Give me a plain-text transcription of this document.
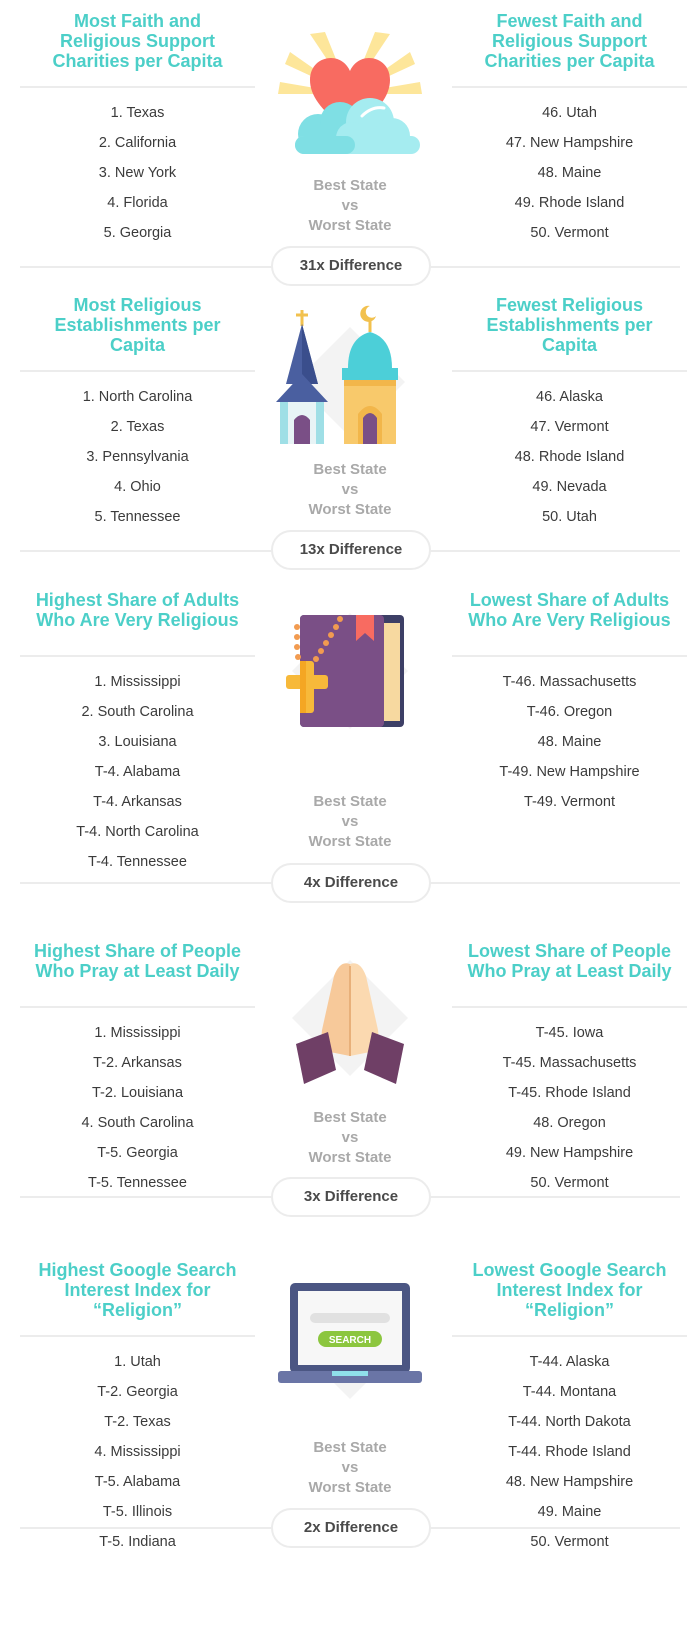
Most Faith and Religious Support Charities per Capita
1. Texas
2. California
3. New York
4. Florida
5. Georgia
Fewest Faith and Religious Support Charities per Capita
46. Utah
47. New Hampshire
48. Maine
49. Rhode Island
50. Vermont
Best State
vs
Worst State
31x Difference
Most Religious Establishments per Capita
1. North Carolina
2. Texas
3. Pennsylvania
4. Ohio
5. Tennessee
Fewest Religious Establishments per Capita
46. Alaska
47. Vermont
48. Rhode Island
49. Nevada
50. Utah
Best State
vs
Worst State
13x Difference
Highest Share of Adults Who Are Very Religious
1. Mississippi
2. South Carolina
3. Louisiana
T-4. Alabama
T-4. Arkansas
T-4. North Carolina
T-4. Tennessee
Lowest Share of Adults Who Are Very Religious
T-46. Massachusetts
T-46. Oregon
48. Maine
T-49. New Hampshire
T-49. Vermont
Best State
vs
Worst State
4x Difference
Highest Share of People Who Pray at Least Daily
1. Mississippi
T-2. Arkansas
T-2. Louisiana
4. South Carolina
T-5. Georgia
T-5. Tennessee
Lowest Share of People Who Pray at Least Daily
T-45. Iowa
T-45. Massachusetts
T-45. Rhode Island
48. Oregon
49. New Hampshire
50. Vermont
Best State
vs
Worst State
3x Difference
Highest Google Search Interest Index for “Religion”
1. Utah
T-2. Georgia
T-2. Texas
4. Mississippi
T-5. Alabama
T-5. Illinois
T-5. Indiana
Lowest Google Search Interest Index for “Religion”
T-44. Alaska
T-44. Montana
T-44. North Dakota
T-44. Rhode Island
48. New Hampshire
49. Maine
50. Vermont
SEARCH
Best State
vs
Worst State
2x Difference
